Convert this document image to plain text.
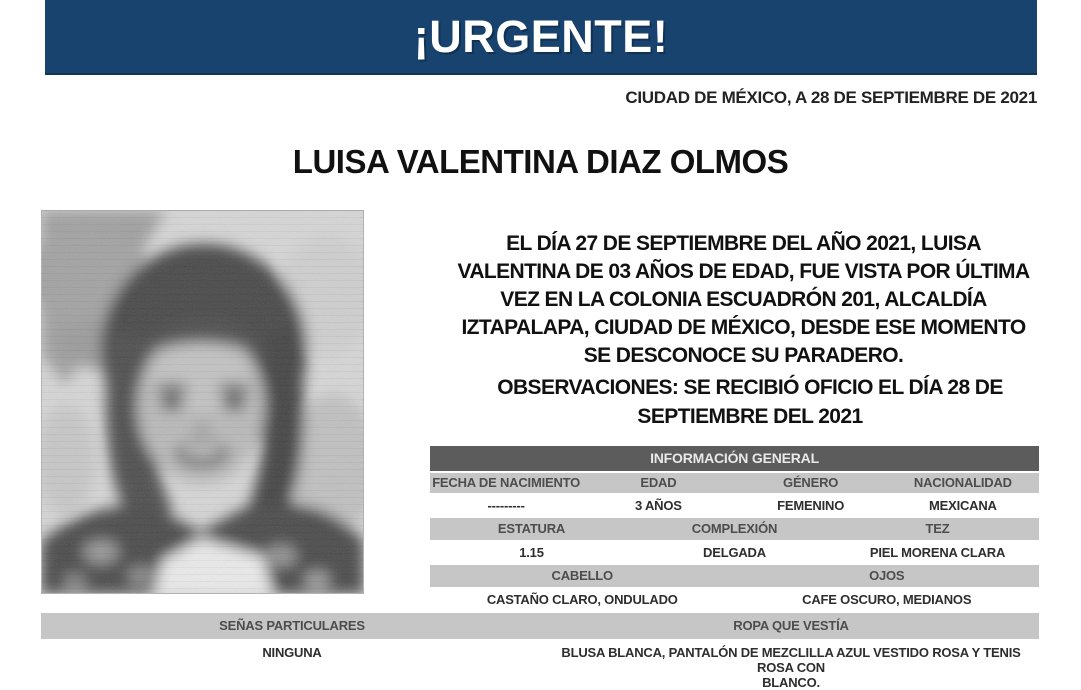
¡URGENTE!
CIUDAD DE MÉXICO, A 28 DE SEPTIEMBRE DE 2021
LUISA VALENTINA DIAZ OLMOS
EL DÍA 27 DE SEPTIEMBRE DEL AÑO 2021, LUISA
VALENTINA DE 03 AÑOS DE EDAD, FUE VISTA POR ÚLTIMA
VEZ EN LA COLONIA ESCUADRÓN 201, ALCALDÍA
IZTAPALAPA, CIUDAD DE MÉXICO, DESDE ESE MOMENTO
SE DESCONOCE SU PARADERO.
OBSERVACIONES: SE RECIBIÓ OFICIO EL DÍA 28 DE
SEPTIEMBRE DEL 2021
INFORMACIÓN GENERAL
FECHA DE NACIMIENTO	EDAD	GÉNERO	NACIONALIDAD
---------	3 AÑOS	FEMENINO	MEXICANA
ESTATURA	COMPLEXIÓN	TEZ
1.15	DELGADA	PIEL MORENA CLARA
CABELLO	OJOS
CASTAÑO CLARO, ONDULADO	CAFE OSCURO, MEDIANOS
SEÑAS PARTICULARES	ROPA QUE VESTÍA
NINGUNA	BLUSA BLANCA, PANTALÓN DE MEZCLILLA AZUL VESTIDO ROSA Y TENIS ROSA CON
BLANCO.
